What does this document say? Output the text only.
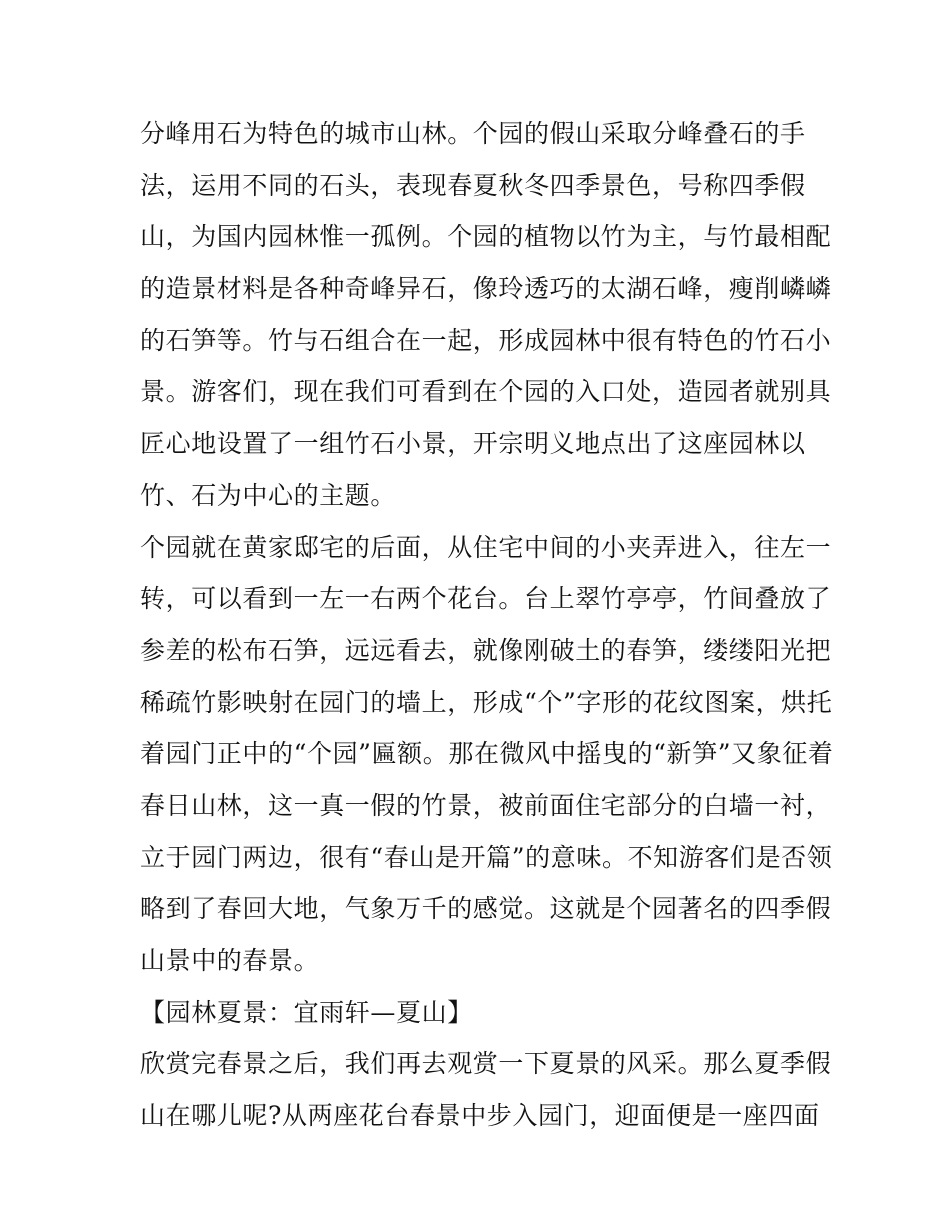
分峰用石为特色的城市山林。个园的假山采取分峰叠石的手
法，运用不同的石头，表现春夏秋冬四季景色，号称四季假
山，为国内园林惟一孤例。个园的植物以竹为主，与竹最相配
的造景材料是各种奇峰异石，像玲透巧的太湖石峰，瘦削嶙嶙
的石笋等。竹与石组合在一起，形成园林中很有特色的竹石小
景。游客们，现在我们可看到在个园的入口处，造园者就别具
匠心地设置了一组竹石小景，开宗明义地点出了这座园林以
竹、石为中心的主题。
个园就在黄家邸宅的后面，从住宅中间的小夹弄进入，往左一
转，可以看到一左一右两个花台。台上翠竹亭亭，竹间叠放了
参差的松布石笋，远远看去，就像刚破土的春笋，缕缕阳光把
稀疏竹影映射在园门的墙上，形成“个”字形的花纹图案，烘托
着园门正中的“个园”匾额。那在微风中摇曳的“新笋”又象征着
春日山林，这一真一假的竹景，被前面住宅部分的白墙一衬，
立于园门两边，很有“春山是开篇”的意味。不知游客们是否领
略到了春回大地，气象万千的感觉。这就是个园著名的四季假
山景中的春景。
【园林夏景：宜雨轩—夏山】
欣赏完春景之后，我们再去观赏一下夏景的风采。那么夏季假
山在哪儿呢?从两座花台春景中步入园门，迎面便是一座四面
